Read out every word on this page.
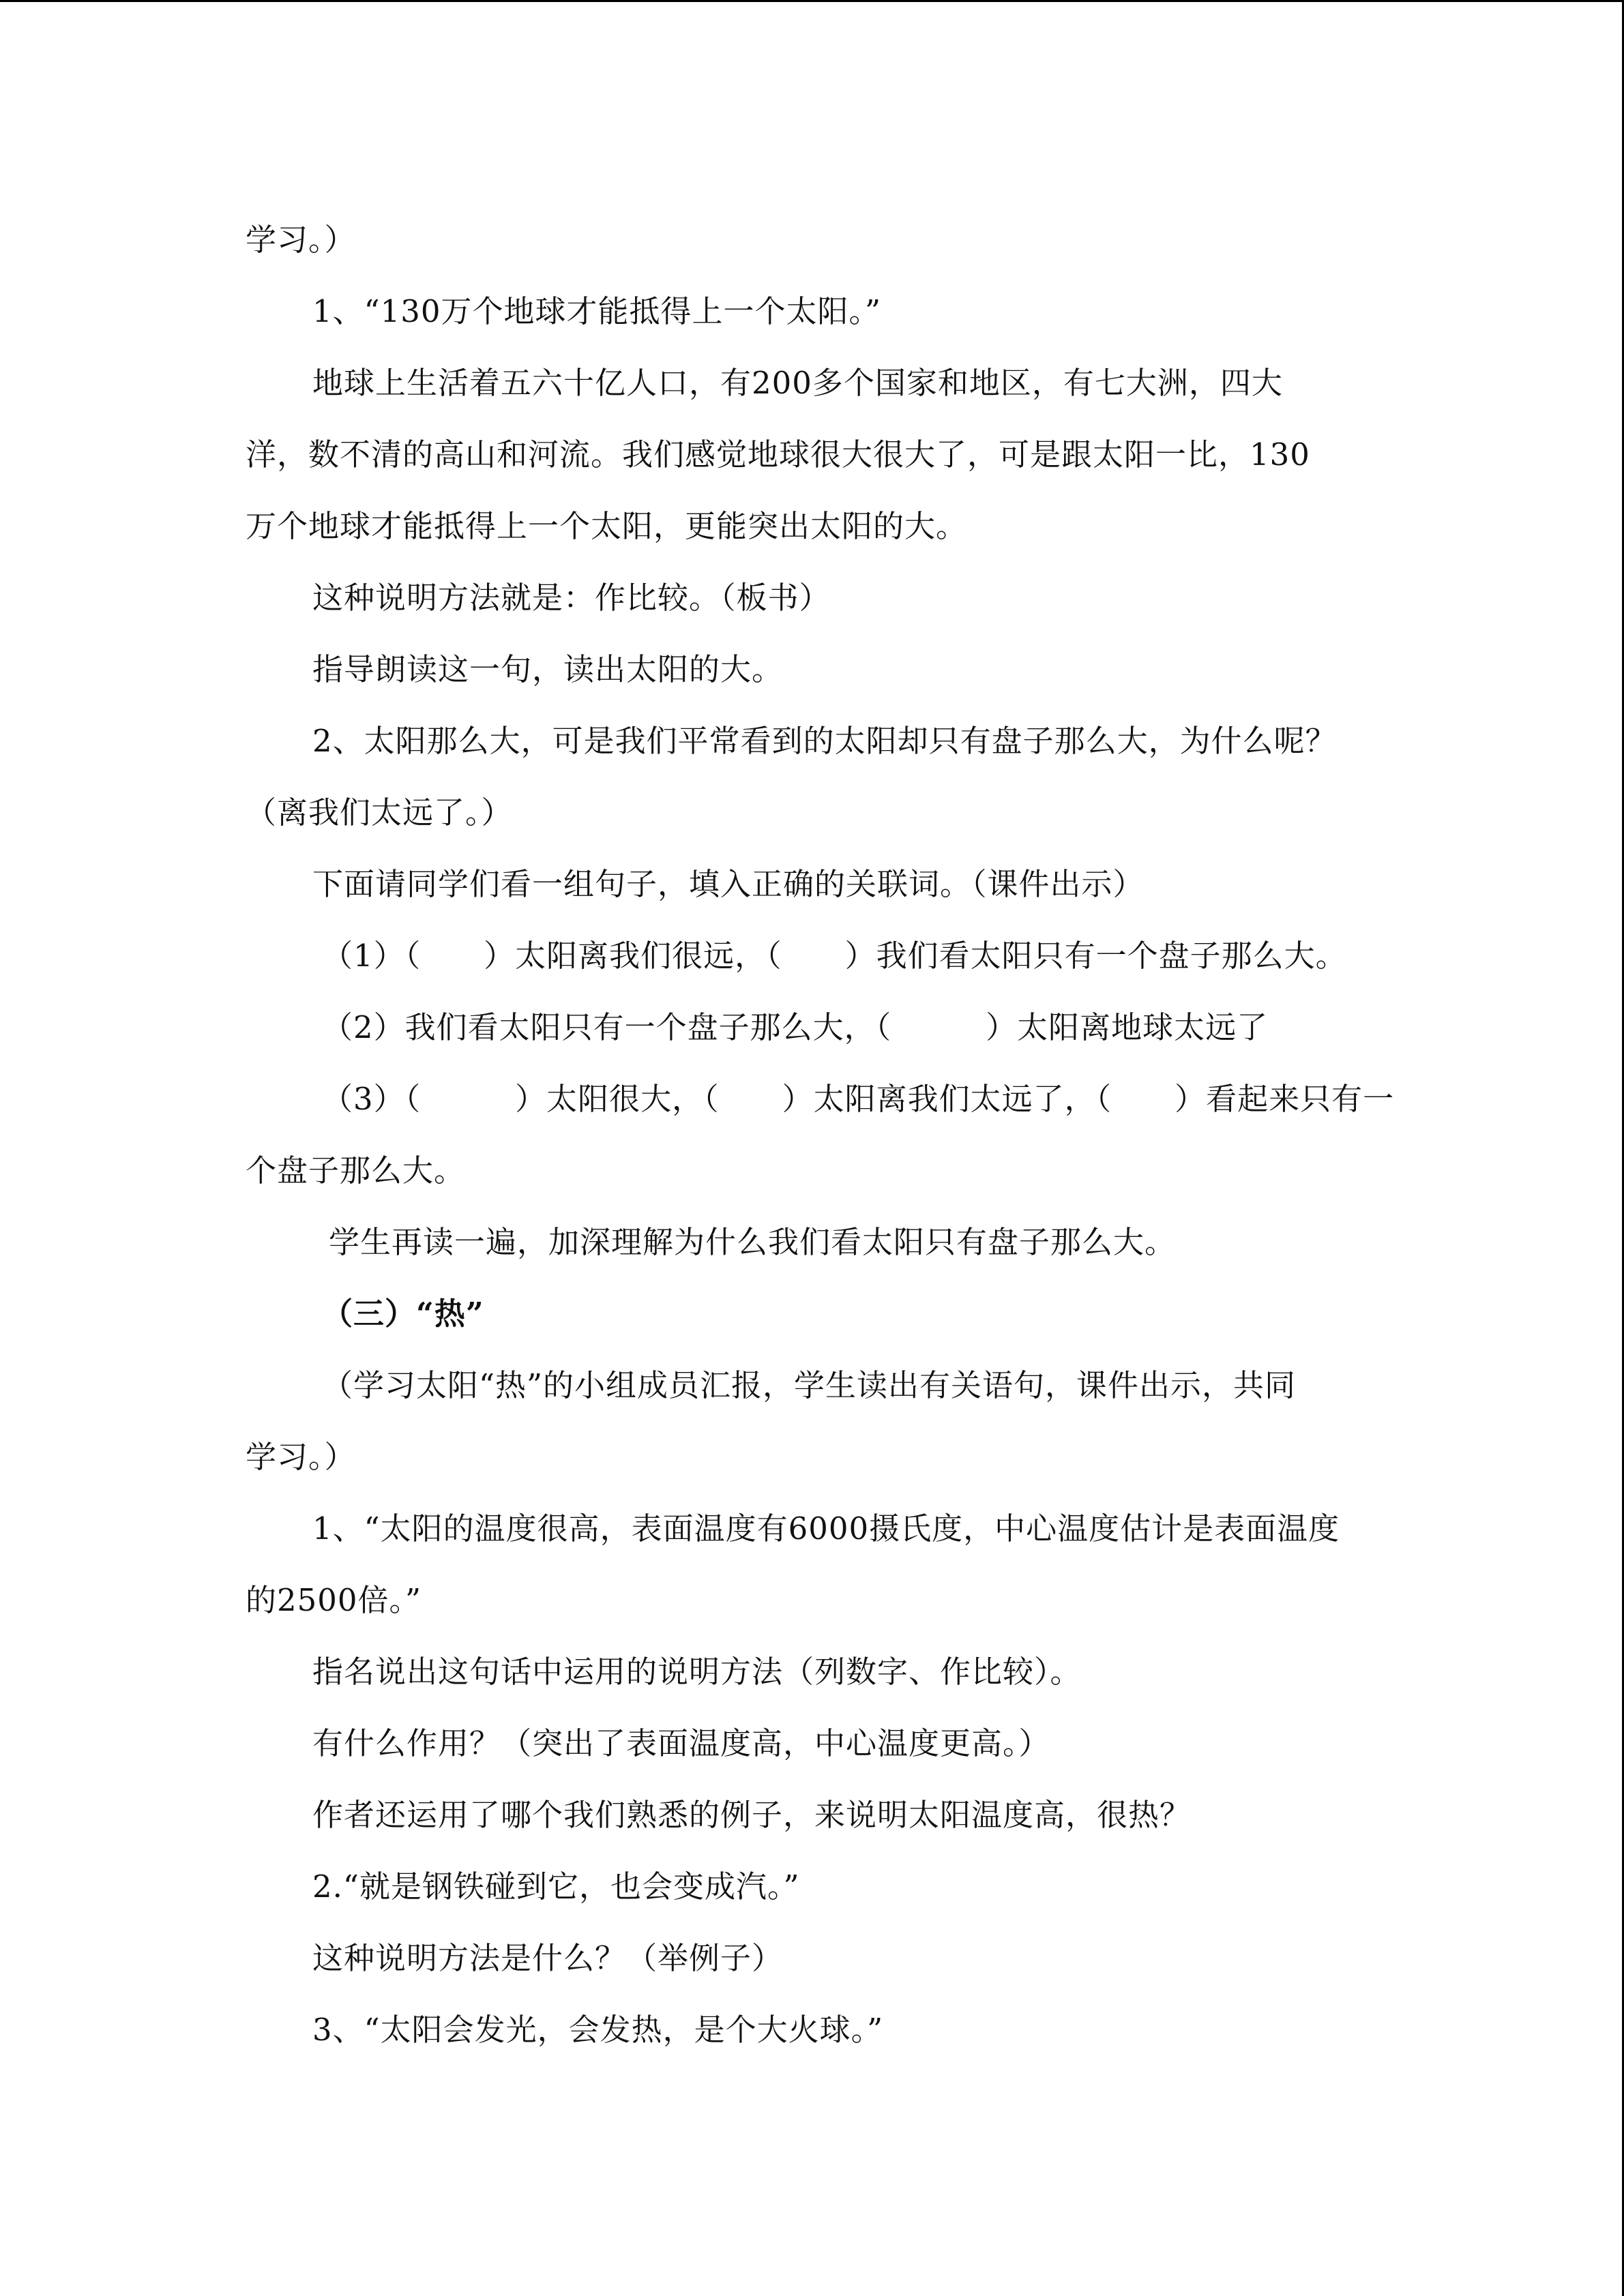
学习。）
1、“130万个地球才能抵得上一个太阳。”
地球上生活着五六十亿人口，有200多个国家和地区，有七大洲，四大
洋，数不清的高山和河流。我们感觉地球很大很大了，可是跟太阳一比，130
万个地球才能抵得上一个太阳，更能突出太阳的大。
这种说明方法就是：作比较。（板书）
指导朗读这一句，读出太阳的大。
2、太阳那么大，可是我们平常看到的太阳却只有盘子那么大，为什么呢？
（离我们太远了。）
下面请同学们看一组句子，填入正确的关联词。（课件出示）
（1）（　　）太阳离我们很远，（　　）我们看太阳只有一个盘子那么大。
（2）我们看太阳只有一个盘子那么大，（　　　）太阳离地球太远了
（3）（　　　）太阳很大，（　　）太阳离我们太远了，（　　）看起来只有一
个盘子那么大。
学生再读一遍，加深理解为什么我们看太阳只有盘子那么大。
（三）“热”
（学习太阳“热”的小组成员汇报，学生读出有关语句，课件出示，共同
学习。）
1、“太阳的温度很高，表面温度有6000摄氏度，中心温度估计是表面温度
的2500倍。”
指名说出这句话中运用的说明方法（列数字、作比较）。
有什么作用？（突出了表面温度高，中心温度更高。）
作者还运用了哪个我们熟悉的例子，来说明太阳温度高，很热？
2.“就是钢铁碰到它，也会变成汽。”
这种说明方法是什么？（举例子）
3、“太阳会发光，会发热，是个大火球。”
